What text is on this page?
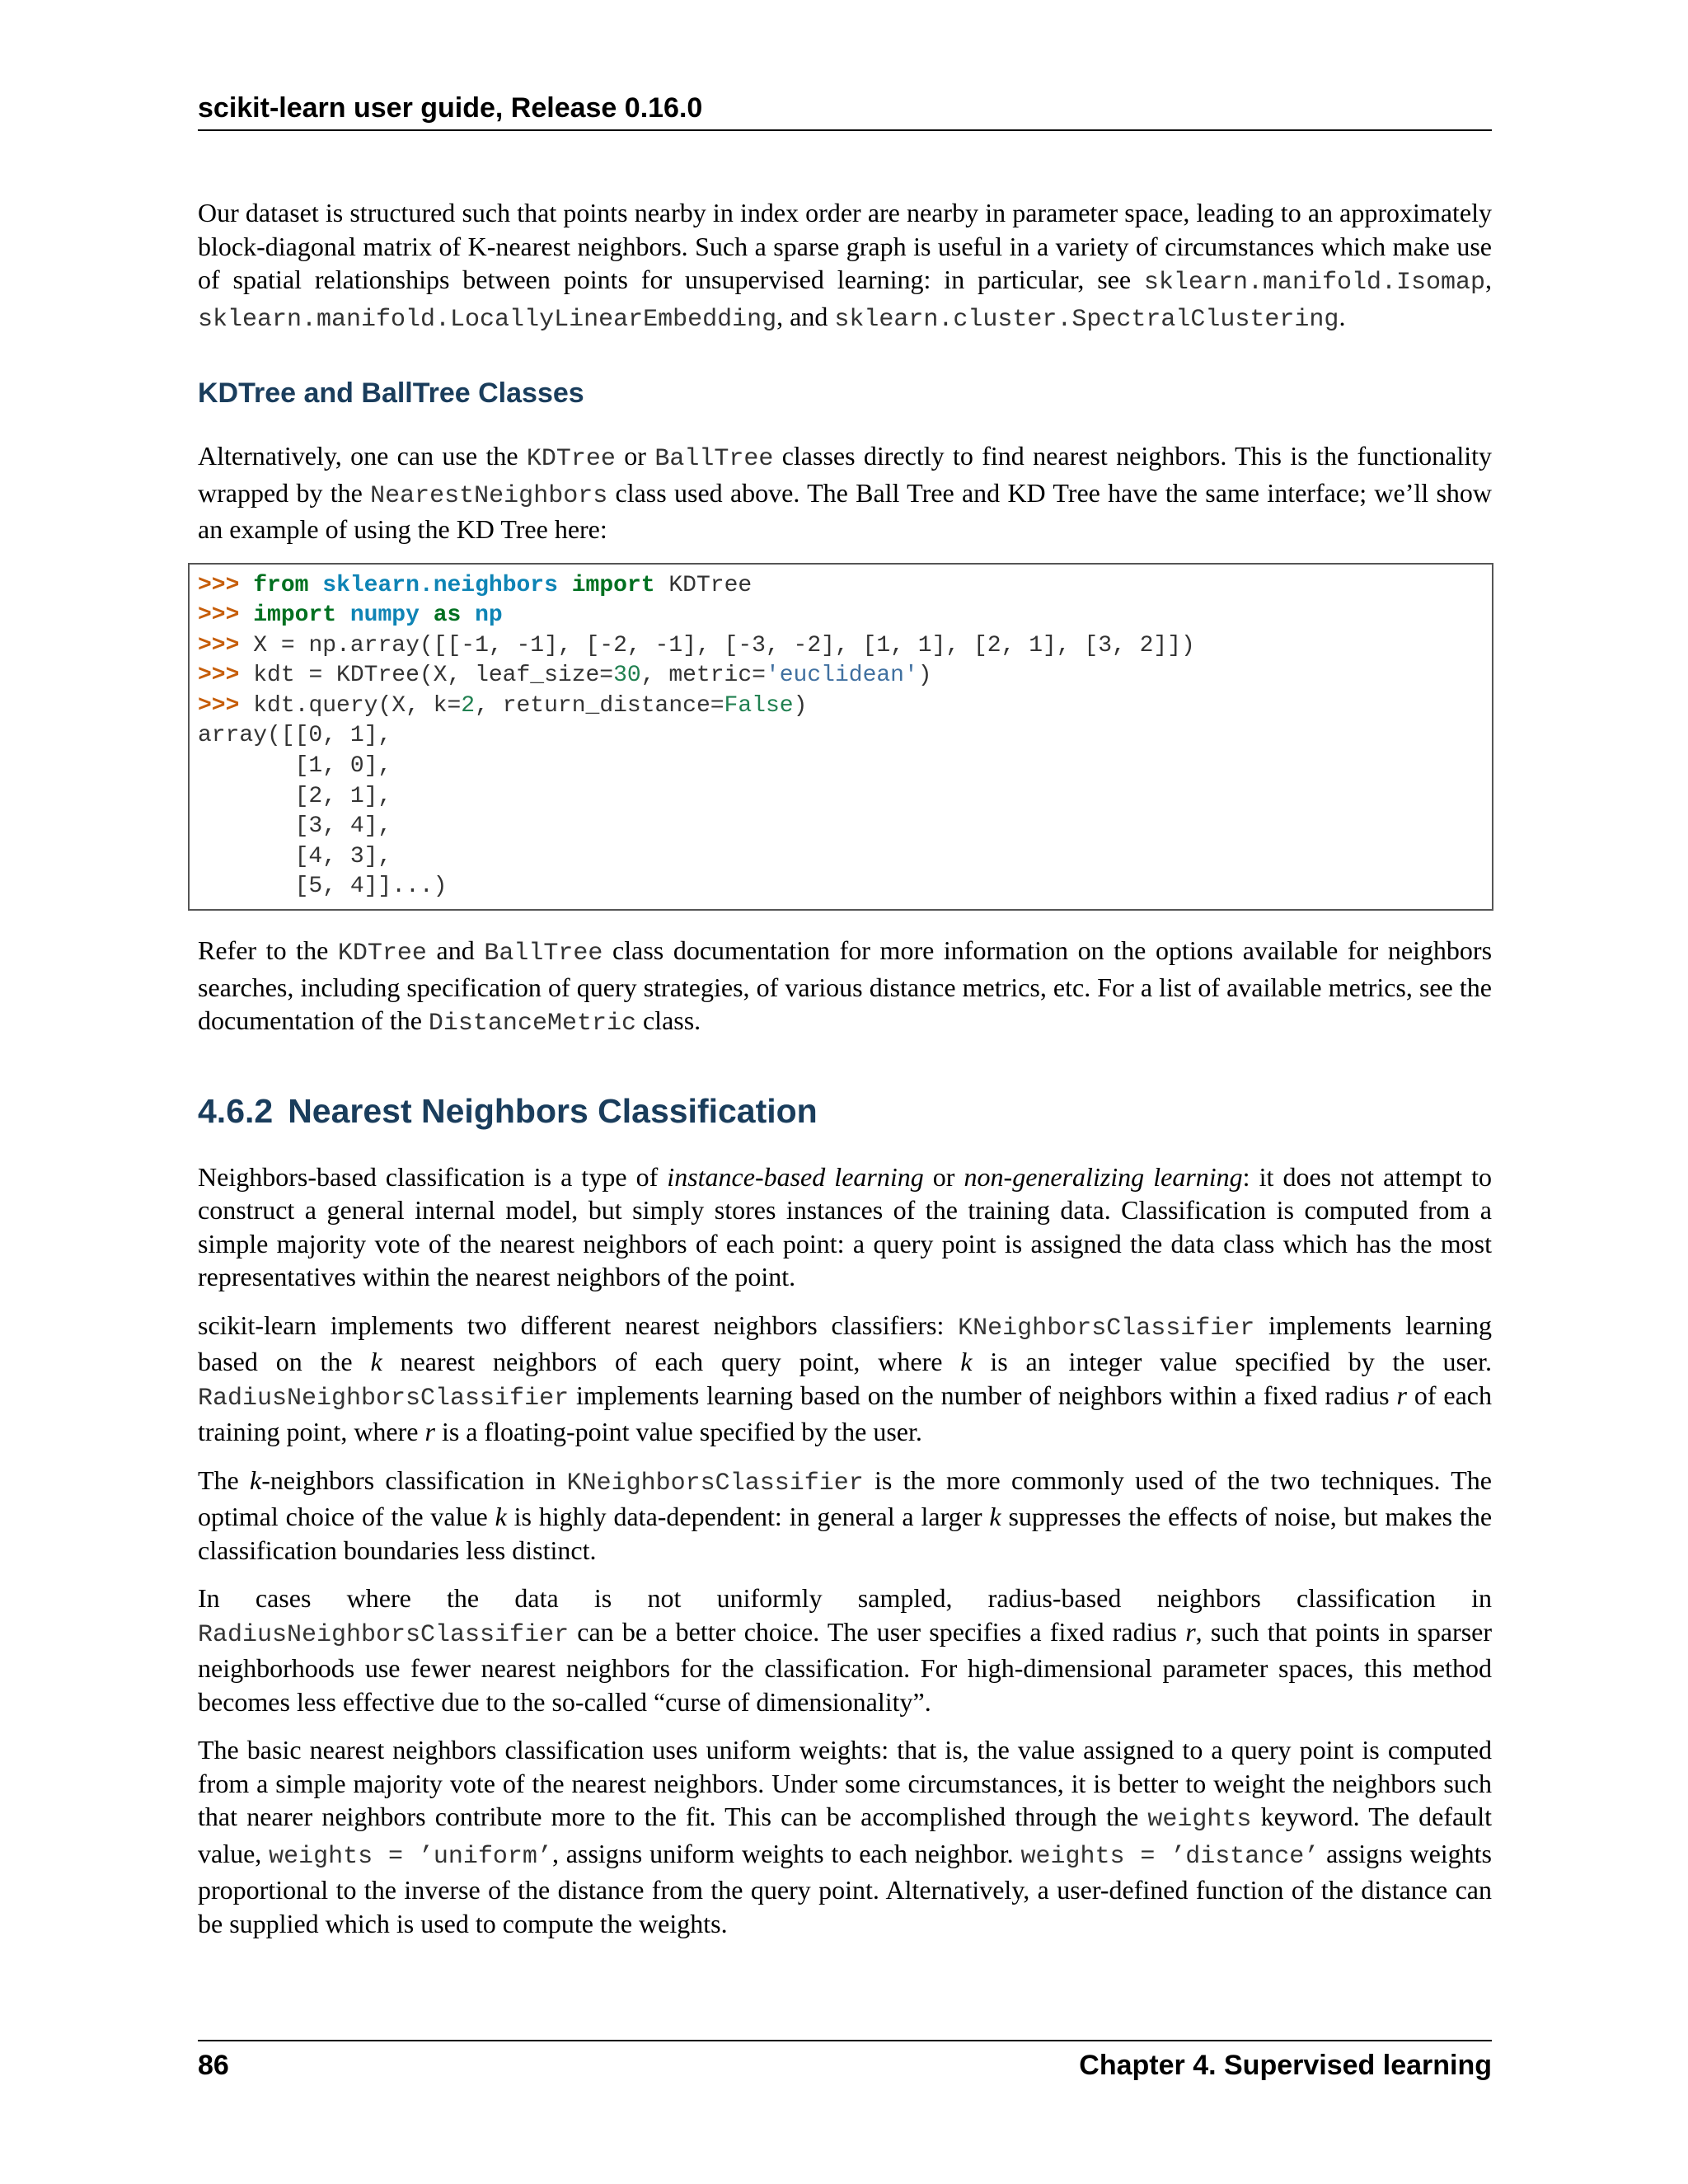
scikit-learn user guide, Release 0.16.0

Our dataset is structured such that points nearby in index order are nearby in parameter space, leading to an approximately block-diagonal matrix of K-nearest neighbors. Such a sparse graph is useful in a variety of circumstances which make use of spatial relationships between points for unsupervised learning: in particular, see sklearn.manifold.Isomap, sklearn.manifold.LocallyLinearEmbedding, and sklearn.cluster.SpectralClustering.

KDTree and BallTree Classes

Alternatively, one can use the KDTree or BallTree classes directly to find nearest neighbors. This is the functionality wrapped by the NearestNeighbors class used above. The Ball Tree and KD Tree have the same interface; we’ll show an example of using the KD Tree here:

>>> from sklearn.neighbors import KDTree
>>> import numpy as np
>>> X = np.array([[-1, -1], [-2, -1], [-3, -2], [1, 1], [2, 1], [3, 2]])
>>> kdt = KDTree(X, leaf_size=30, metric='euclidean')
>>> kdt.query(X, k=2, return_distance=False)
array([[0, 1],
[1, 0],
[2, 1],
[3, 4],
[4, 3],
[5, 4]]...)

Refer to the KDTree and BallTree class documentation for more information on the options available for neighbors searches, including specification of query strategies, of various distance metrics, etc. For a list of available metrics, see the documentation of the DistanceMetric class.

4.6.2 Nearest Neighbors Classification

Neighbors-based classification is a type of instance-based learning or non-generalizing learning: it does not attempt to construct a general internal model, but simply stores instances of the training data. Classification is computed from a simple majority vote of the nearest neighbors of each point: a query point is assigned the data class which has the most representatives within the nearest neighbors of the point.

scikit-learn implements two different nearest neighbors classifiers: KNeighborsClassifier implements learning based on the k nearest neighbors of each query point, where k is an integer value specified by the user. RadiusNeighborsClassifier implements learning based on the number of neighbors within a fixed radius r of each training point, where r is a floating-point value specified by the user.

The k-neighbors classification in KNeighborsClassifier is the more commonly used of the two techniques. The optimal choice of the value k is highly data-dependent: in general a larger k suppresses the effects of noise, but makes the classification boundaries less distinct.

In cases where the data is not uniformly sampled, radius-based neighbors classification in RadiusNeighborsClassifier can be a better choice. The user specifies a fixed radius r, such that points in sparser neighborhoods use fewer nearest neighbors for the classification. For high-dimensional parameter spaces, this method becomes less effective due to the so-called “curse of dimensionality”.

The basic nearest neighbors classification uses uniform weights: that is, the value assigned to a query point is computed from a simple majority vote of the nearest neighbors. Under some circumstances, it is better to weight the neighbors such that nearer neighbors contribute more to the fit. This can be accomplished through the weights keyword. The default value, weights = ’uniform’, assigns uniform weights to each neighbor. weights = ’distance’ assigns weights proportional to the inverse of the distance from the query point. Alternatively, a user-defined function of the distance can be supplied which is used to compute the weights.

86	Chapter 4. Supervised learning
